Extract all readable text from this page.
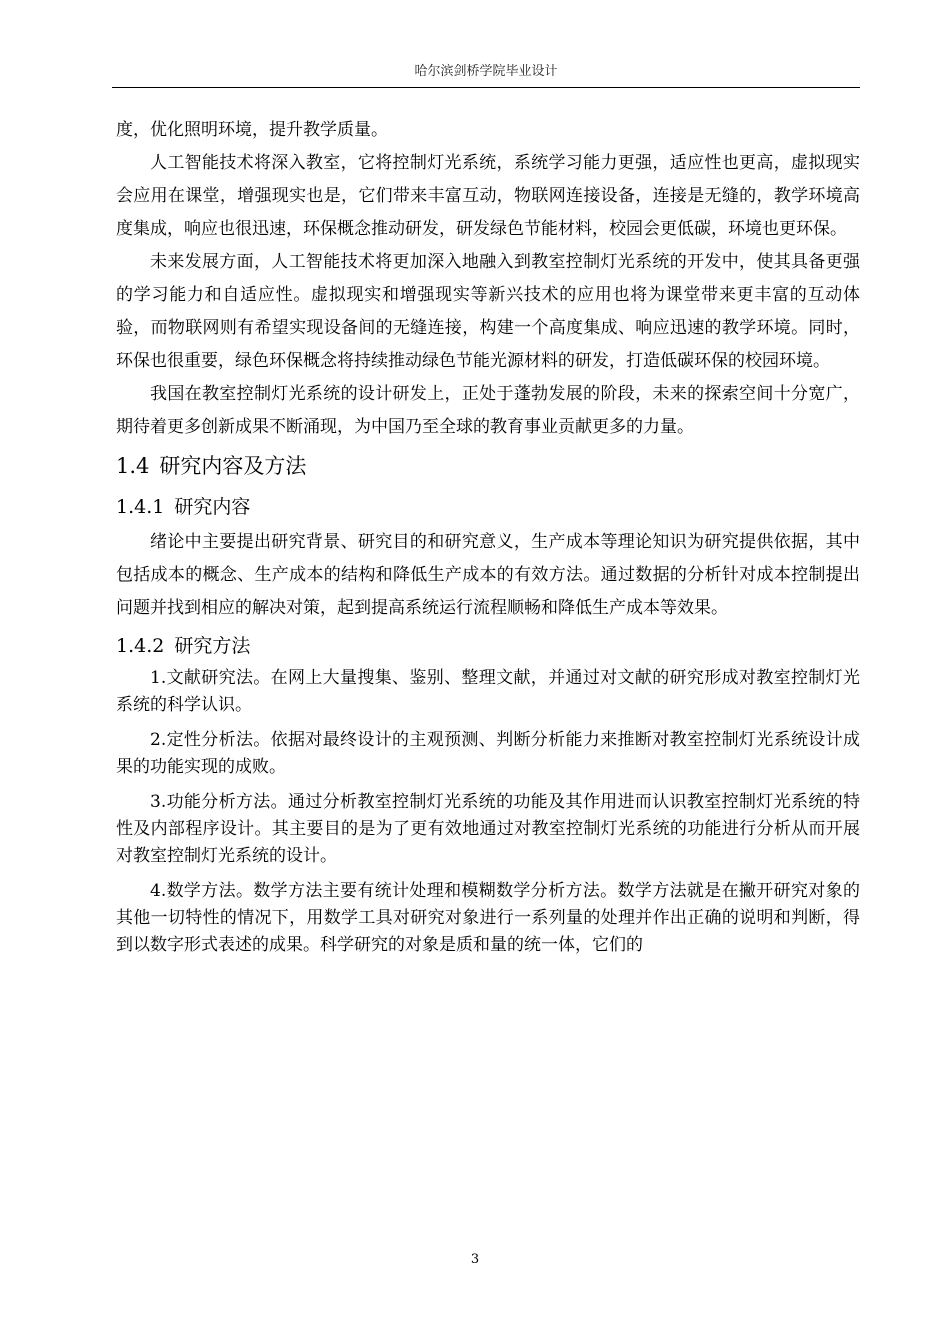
哈尔滨剑桥学院毕业设计

度，优化照明环境，提升教学质量。

人工智能技术将深入教室，它将控制灯光系统，系统学习能力更强，适应性也更高，虚拟现实会应用在课堂，增强现实也是，它们带来丰富互动，物联网连接设备，连接是无缝的，教学环境高度集成，响应也很迅速，环保概念推动研发，研发绿色节能材料，校园会更低碳，环境也更环保。

未来发展方面，人工智能技术将更加深入地融入到教室控制灯光系统的开发中，使其具备更强的学习能力和自适应性。虚拟现实和增强现实等新兴技术的应用也将为课堂带来更丰富的互动体验，而物联网则有希望实现设备间的无缝连接，构建一个高度集成、响应迅速的教学环境。同时，环保也很重要，绿色环保概念将持续推动绿色节能光源材料的研发，打造低碳环保的校园环境。

我国在教室控制灯光系统的设计研发上，正处于蓬勃发展的阶段，未来的探索空间十分宽广，期待着更多创新成果不断涌现，为中国乃至全球的教育事业贡献更多的力量。

1.4 研究内容及方法
1.4.1 研究内容

绪论中主要提出研究背景、研究目的和研究意义，生产成本等理论知识为研究提供依据，其中包括成本的概念、生产成本的结构和降低生产成本的有效方法。通过数据的分析针对成本控制提出问题并找到相应的解决对策，起到提高系统运行流程顺畅和降低生产成本等效果。

1.4.2 研究方法

1.文献研究法。在网上大量搜集、鉴别、整理文献，并通过对文献的研究形成对教室控制灯光系统的科学认识。

2.定性分析法。依据对最终设计的主观预测、判断分析能力来推断对教室控制灯光系统设计成果的功能实现的成败。

3.功能分析方法。通过分析教室控制灯光系统的功能及其作用进而认识教室控制灯光系统的特性及内部程序设计。其主要目的是为了更有效地通过对教室控制灯光系统的功能进行分析从而开展对教室控制灯光系统的设计。

4.数学方法。数学方法主要有统计处理和模糊数学分析方法。数学方法就是在撇开研究对象的其他一切特性的情况下，用数学工具对研究对象进行一系列量的处理并作出正确的说明和判断，得到以数字形式表述的成果。科学研究的对象是质和量的统一体，它们的

3
